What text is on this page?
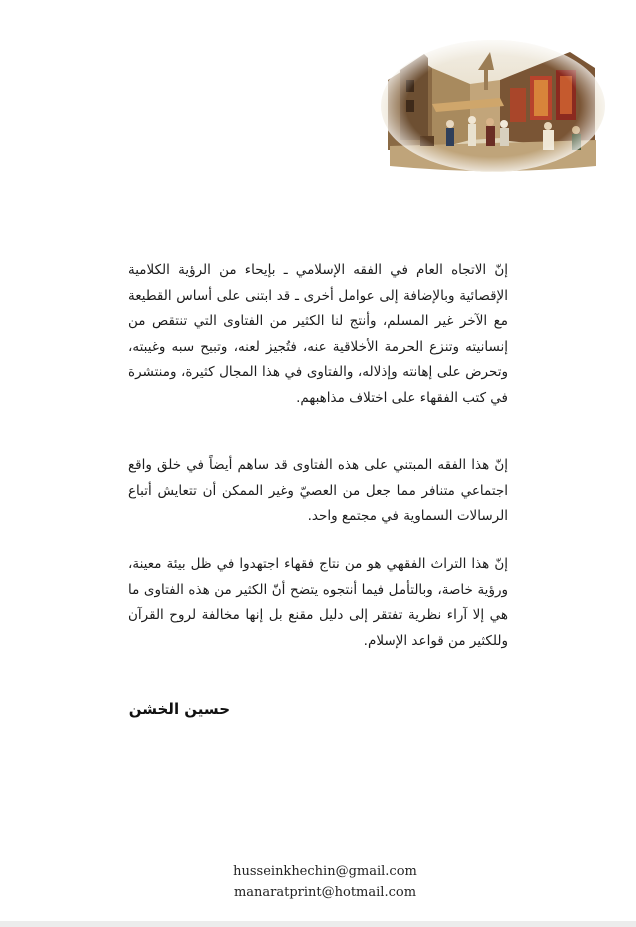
إنّ الاتجاه العام في الفقه الإسلامي ـ بإيحاء من الرؤية الكلامية الإقصائية وبالإضافة إلى عوامل أخرى ـ قد ابتنى على أساس القطيعة مع الآخر غير المسلم، وأنتج لنا الكثير من الفتاوى التي تنتقص من إنسانيته وتنزع الحرمة الأخلاقية عنه، فتُجيز لعنه، وتبيح سبه وغيبته، وتحرض على إهانته وإذلاله، والفتاوى في هذا المجال كثيرة، ومنتشرة في كتب الفقهاء على اختلاف مذاهبهم.
إنّ هذا الفقه المبتني على هذه الفتاوى قد ساهم أيضاً في خلق واقع اجتماعي متنافر مما جعل من العصيّ وغير الممكن أن تتعايش أتباع الرسالات السماوية في مجتمع واحد.
إنّ هذا التراث الفقهي هو من نتاج فقهاء اجتهدوا في ظل بيئة معينة، ورؤية خاصة، وبالتأمل فيما أنتجوه يتضح أنّ الكثير من هذه الفتاوى ما هي إلا آراء نظرية تفتقر إلى دليل مقنع بل إنها مخالفة لروح القرآن وللكثير من قواعد الإسلام.
حسين الخشن
husseinkhechin@gmail.com
manaratprint@hotmail.com
